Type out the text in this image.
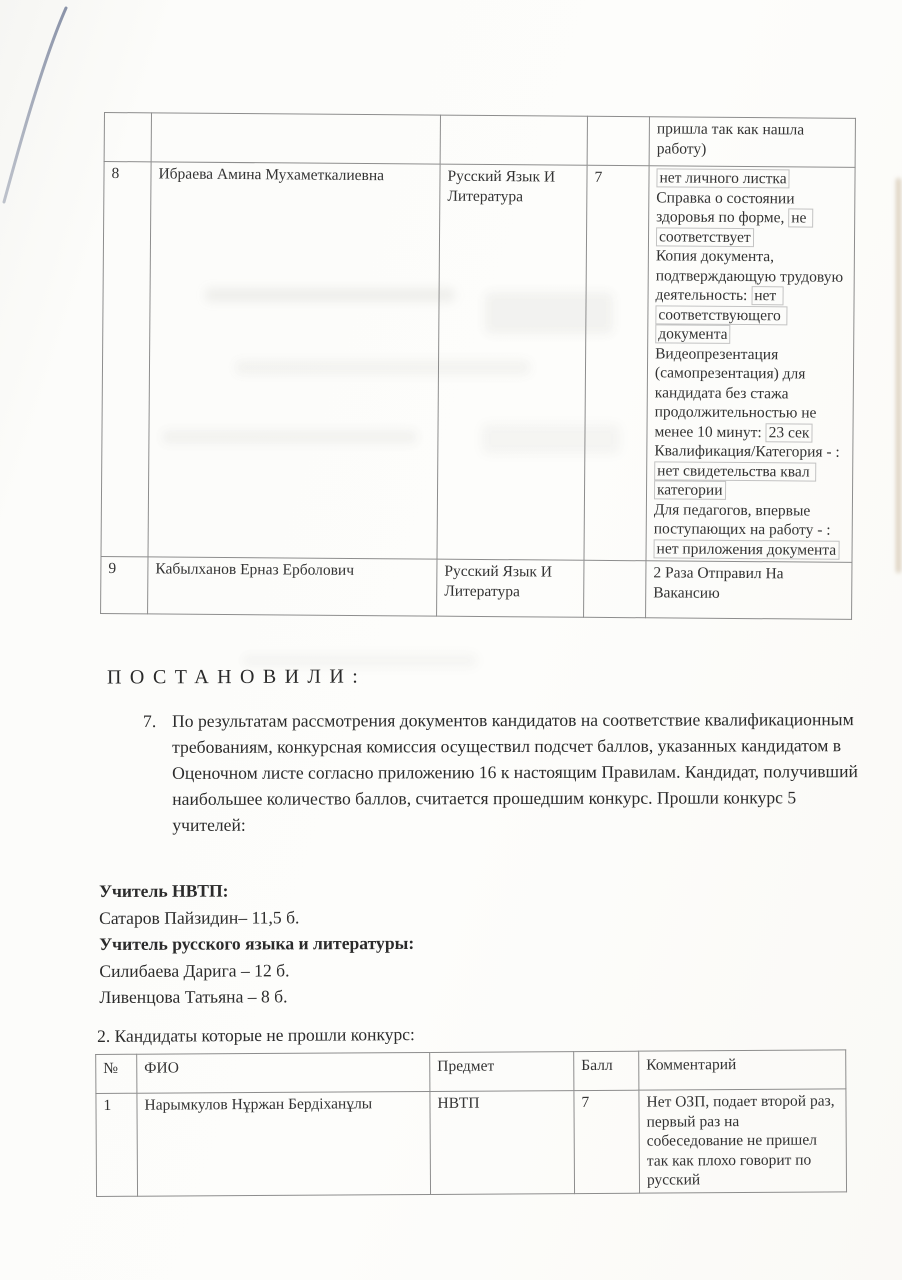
				пришла так как нашла работу)
8	Ибраева Амина Мухаметкалиевна	Русский Язык И Литература	7	нет личного листка
Справка о состоянии здоровья по форме, не соответствует
Копия документа, подтверждающую трудовую деятельность: нет соответствующего документа
Видеопрезентация (самопрезентация) для кандидата без стажа продолжительностью не менее 10 минут: 23 сек
Квалификация/Категория - : нет свидетельства квал категории
Для педагогов, впервые поступающих на работу - : нет приложения документа
9	Кабылханов Ерназ Ерболович	Русский Язык И Литература		2 Раза Отправил На Вакансию
ПОСТАНОВИЛИ:
7. По результатам рассмотрения документов кандидатов на соответствие квалификационным требованиям, конкурсная комиссия осуществил подсчет баллов, указанных кандидатом в Оценочном листе согласно приложению 16 к настоящим Правилам. Кандидат, получивший наибольшее количество баллов, считается прошедшим конкурс. Прошли конкурс 5 учителей:
Учитель НВТП:
Сатаров Пайзидин– 11,5 б.
Учитель русского языка и литературы:
Силибаева Дарига – 12 б.
Ливенцова Татьяна – 8 б.
2. Кандидаты которые не прошли конкурс:
№	ФИО	Предмет	Балл	Комментарий
1	Нарымкулов Нұржан Бердіханұлы	НВТП	7	Нет ОЗП, подает второй раз, первый раз на собеседование не пришел так как плохо говорит по русский
